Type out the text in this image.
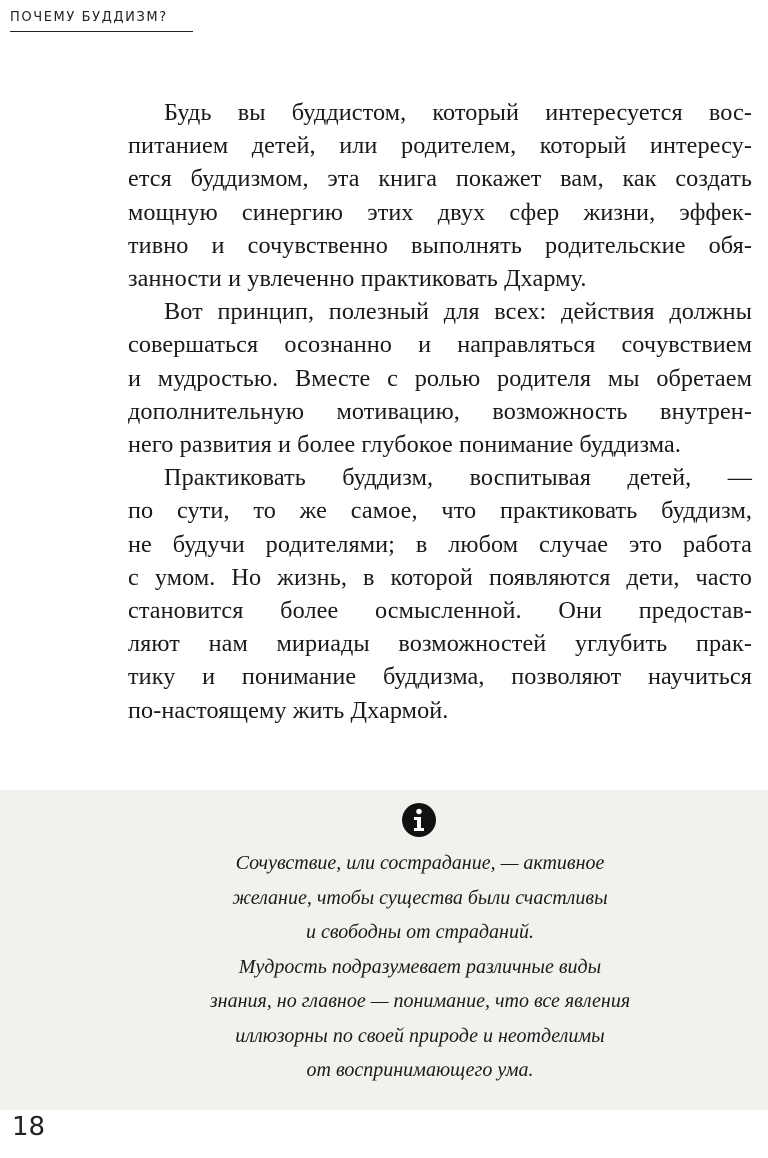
ПОЧЕМУ БУДДИЗМ?

Будь вы буддистом, который интересуется вос-
питанием детей, или родителем, который интересу-
ется буддизмом, эта книга покажет вам, как создать
мощную синергию этих двух сфер жизни, эффек-
тивно и сочувственно выполнять родительские обя-
занности и увлеченно практиковать Дхарму.

Вот принцип, полезный для всех: действия должны
совершаться осознанно и направляться сочувствием
и мудростью. Вместе с ролью родителя мы обретаем
дополнительную мотивацию, возможность внутрен-
него развития и более глубокое понимание буддизма.

Практиковать буддизм, воспитывая детей, —
по сути, то же самое, что практиковать буддизм,
не будучи родителями; в любом случае это работа
с умом. Но жизнь, в которой появляются дети, часто
становится более осмысленной. Они предостав-
ляют нам мириады возможностей углубить прак-
тику и понимание буддизма, позволяют научиться
по-настоящему жить Дхармой.

Сочувствие, или сострадание, — активное
желание, чтобы существа были счастливы
и свободны от страданий.
Мудрость подразумевает различные виды
знания, но главное — понимание, что все явления
иллюзорны по своей природе и неотделимы
от воспринимающего ума.
18
